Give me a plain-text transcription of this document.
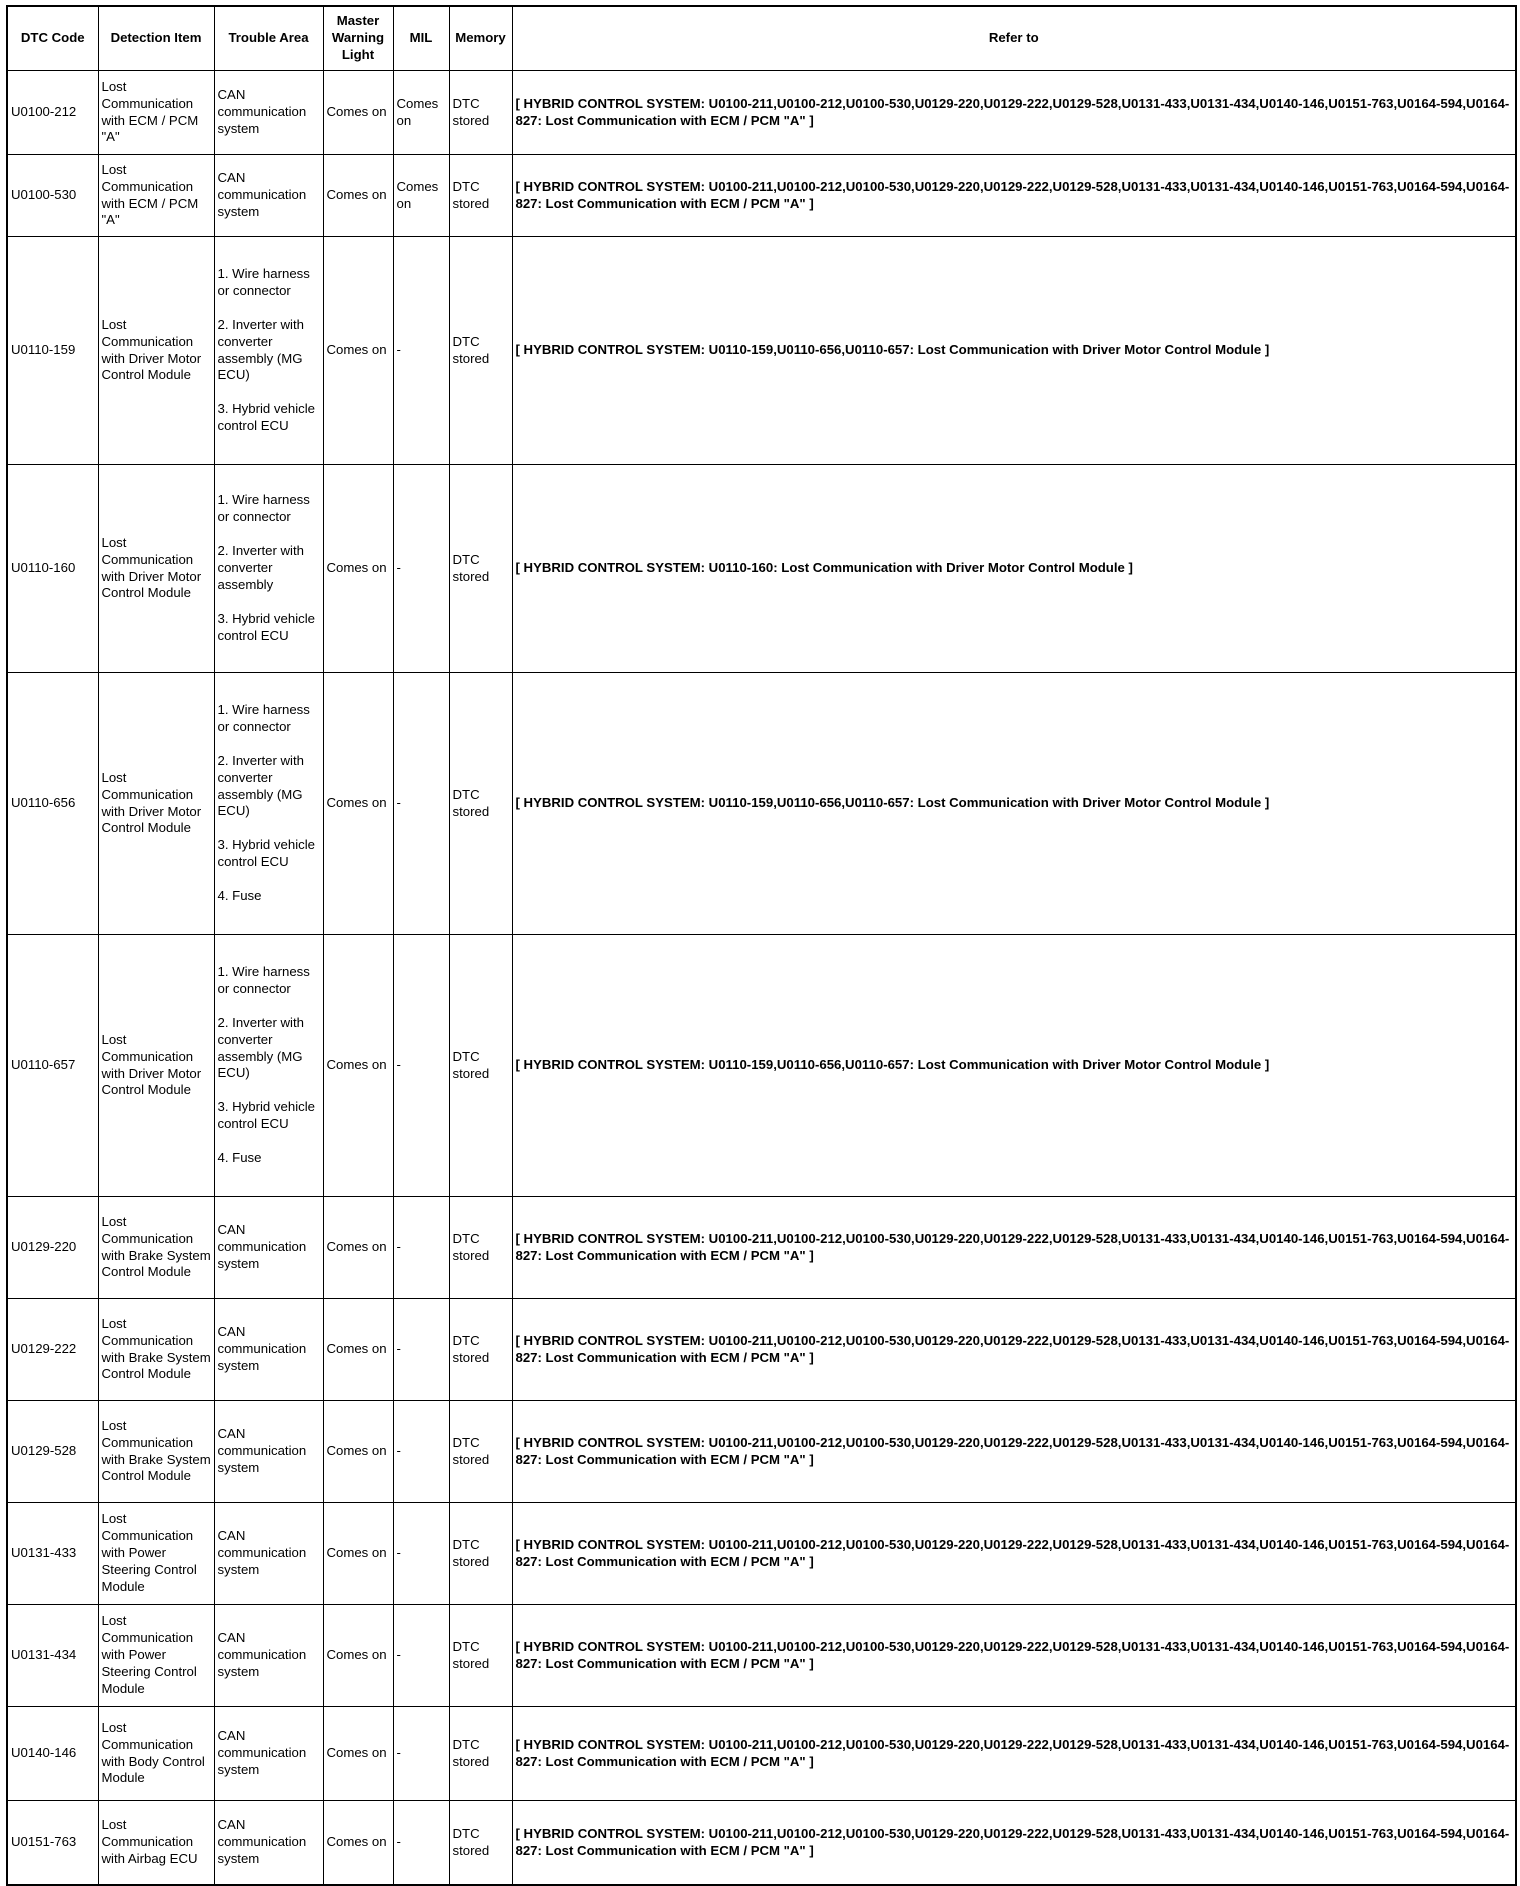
DTC Code	Detection Item	Trouble Area	Master Warning Light	MIL	Memory	Refer to
U0100-212	Lost Communication with ECM / PCM "A"	CAN communication system	Comes on	Comes on	DTC stored	[ HYBRID CONTROL SYSTEM: U0100-211,U0100-212,U0100-530,U0129-220,U0129-222,U0129-528,U0131-433,U0131-434,U0140-146,U0151-763,U0164-594,U0164-827: Lost Communication with ECM / PCM "A" ]
U0100-530	Lost Communication with ECM / PCM "A"	CAN communication system	Comes on	Comes on	DTC stored	[ HYBRID CONTROL SYSTEM: U0100-211,U0100-212,U0100-530,U0129-220,U0129-222,U0129-528,U0131-433,U0131-434,U0140-146,U0151-763,U0164-594,U0164-827: Lost Communication with ECM / PCM "A" ]
U0110-159	Lost Communication with Driver Motor Control Module	1. Wire harness or connector

2. Inverter with converter assembly (MG ECU)

3. Hybrid vehicle control ECU	Comes on	-	DTC stored	[ HYBRID CONTROL SYSTEM: U0110-159,U0110-656,U0110-657: Lost Communication with Driver Motor Control Module ]
U0110-160	Lost Communication with Driver Motor Control Module	1. Wire harness or connector

2. Inverter with converter assembly

3. Hybrid vehicle control ECU	Comes on	-	DTC stored	[ HYBRID CONTROL SYSTEM: U0110-160: Lost Communication with Driver Motor Control Module ]
U0110-656	Lost Communication with Driver Motor Control Module	1. Wire harness or connector

2. Inverter with converter assembly (MG ECU)

3. Hybrid vehicle control ECU

4. Fuse	Comes on	-	DTC stored	[ HYBRID CONTROL SYSTEM: U0110-159,U0110-656,U0110-657: Lost Communication with Driver Motor Control Module ]
U0110-657	Lost Communication with Driver Motor Control Module	1. Wire harness or connector

2. Inverter with converter assembly (MG ECU)

3. Hybrid vehicle control ECU

4. Fuse	Comes on	-	DTC stored	[ HYBRID CONTROL SYSTEM: U0110-159,U0110-656,U0110-657: Lost Communication with Driver Motor Control Module ]
U0129-220	Lost Communication with Brake System Control Module	CAN communication system	Comes on	-	DTC stored	[ HYBRID CONTROL SYSTEM: U0100-211,U0100-212,U0100-530,U0129-220,U0129-222,U0129-528,U0131-433,U0131-434,U0140-146,U0151-763,U0164-594,U0164-827: Lost Communication with ECM / PCM "A" ]
U0129-222	Lost Communication with Brake System Control Module	CAN communication system	Comes on	-	DTC stored	[ HYBRID CONTROL SYSTEM: U0100-211,U0100-212,U0100-530,U0129-220,U0129-222,U0129-528,U0131-433,U0131-434,U0140-146,U0151-763,U0164-594,U0164-827: Lost Communication with ECM / PCM "A" ]
U0129-528	Lost Communication with Brake System Control Module	CAN communication system	Comes on	-	DTC stored	[ HYBRID CONTROL SYSTEM: U0100-211,U0100-212,U0100-530,U0129-220,U0129-222,U0129-528,U0131-433,U0131-434,U0140-146,U0151-763,U0164-594,U0164-827: Lost Communication with ECM / PCM "A" ]
U0131-433	Lost Communication with Power Steering Control Module	CAN communication system	Comes on	-	DTC stored	[ HYBRID CONTROL SYSTEM: U0100-211,U0100-212,U0100-530,U0129-220,U0129-222,U0129-528,U0131-433,U0131-434,U0140-146,U0151-763,U0164-594,U0164-827: Lost Communication with ECM / PCM "A" ]
U0131-434	Lost Communication with Power Steering Control Module	CAN communication system	Comes on	-	DTC stored	[ HYBRID CONTROL SYSTEM: U0100-211,U0100-212,U0100-530,U0129-220,U0129-222,U0129-528,U0131-433,U0131-434,U0140-146,U0151-763,U0164-594,U0164-827: Lost Communication with ECM / PCM "A" ]
U0140-146	Lost Communication with Body Control Module	CAN communication system	Comes on	-	DTC stored	[ HYBRID CONTROL SYSTEM: U0100-211,U0100-212,U0100-530,U0129-220,U0129-222,U0129-528,U0131-433,U0131-434,U0140-146,U0151-763,U0164-594,U0164-827: Lost Communication with ECM / PCM "A" ]
U0151-763	Lost Communication with Airbag ECU	CAN communication system	Comes on	-	DTC stored	[ HYBRID CONTROL SYSTEM: U0100-211,U0100-212,U0100-530,U0129-220,U0129-222,U0129-528,U0131-433,U0131-434,U0140-146,U0151-763,U0164-594,U0164-827: Lost Communication with ECM / PCM "A" ]
